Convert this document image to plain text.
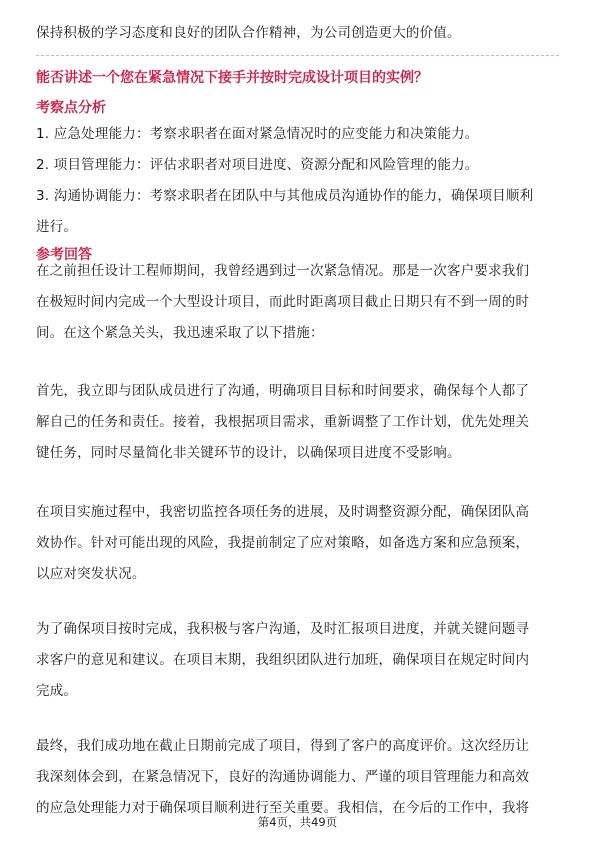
保持积极的学习态度和良好的团队合作精神，为公司创造更大的价值。
能否讲述一个您在紧急情况下接手并按时完成设计项目的实例？
考察点分析
1. 应急处理能力：考察求职者在面对紧急情况时的应变能力和决策能力。
2. 项目管理能力：评估求职者对项目进度、资源分配和风险管理的能力。
3. 沟通协调能力：考察求职者在团队中与其他成员沟通协作的能力，确保项目顺利
进行。
参考回答
在之前担任设计工程师期间，我曾经遇到过一次紧急情况。那是一次客户要求我们
在极短时间内完成一个大型设计项目，而此时距离项目截止日期只有不到一周的时
间。在这个紧急关头，我迅速采取了以下措施：
首先，我立即与团队成员进行了沟通，明确项目目标和时间要求，确保每个人都了
解自己的任务和责任。接着，我根据项目需求，重新调整了工作计划，优先处理关
键任务，同时尽量简化非关键环节的设计，以确保项目进度不受影响。
在项目实施过程中，我密切监控各项任务的进展，及时调整资源分配，确保团队高
效协作。针对可能出现的风险，我提前制定了应对策略，如备选方案和应急预案，
以应对突发状况。
为了确保项目按时完成，我积极与客户沟通，及时汇报项目进度，并就关键问题寻
求客户的意见和建议。在项目末期，我组织团队进行加班，确保项目在规定时间内
完成。
最终，我们成功地在截止日期前完成了项目，得到了客户的高度评价。这次经历让
我深刻体会到，在紧急情况下，良好的沟通协调能力、严谨的项目管理能力和高效
的应急处理能力对于确保项目顺利进行至关重要。我相信，在今后的工作中，我将
第4页，共49页
